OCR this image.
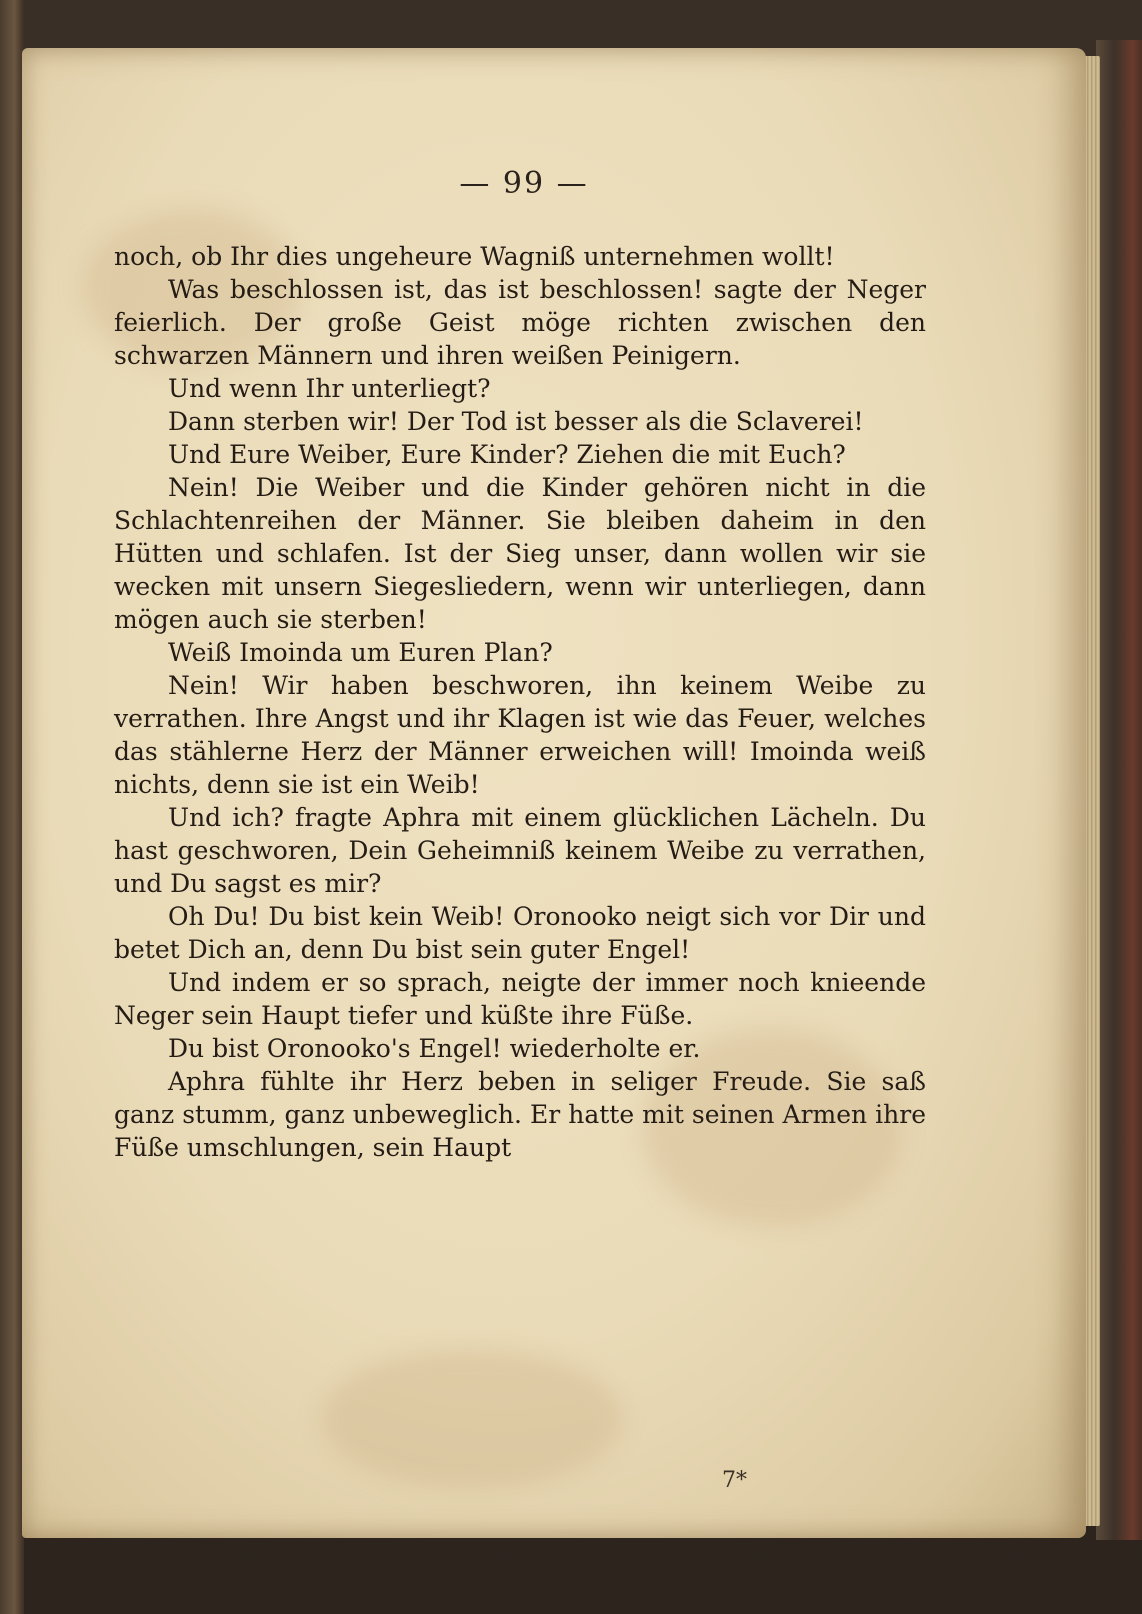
— 99 —

noch, ob Ihr dies ungeheure Wagniß unternehmen wollt!

Was beschlossen ist, das ist beschlossen! sagte der Neger feierlich. Der große Geist möge richten zwischen den schwarzen Männern und ihren weißen Peinigern.

Und wenn Ihr unterliegt?

Dann sterben wir! Der Tod ist besser als die Sclaverei!

Und Eure Weiber, Eure Kinder? Ziehen die mit Euch?

Nein! Die Weiber und die Kinder gehören nicht in die Schlachtenreihen der Männer. Sie bleiben daheim in den Hütten und schlafen. Ist der Sieg unser, dann wollen wir sie wecken mit unsern Siegesliedern, wenn wir unterliegen, dann mögen auch sie sterben!

Weiß Imoinda um Euren Plan?

Nein! Wir haben beschworen, ihn keinem Weibe zu verrathen. Ihre Angst und ihr Klagen ist wie das Feuer, welches das stählerne Herz der Männer erweichen will! Imoinda weiß nichts, denn sie ist ein Weib!

Und ich? fragte Aphra mit einem glücklichen Lächeln. Du hast geschworen, Dein Geheimniß keinem Weibe zu verrathen, und Du sagst es mir?

Oh Du! Du bist kein Weib! Oronooko neigt sich vor Dir und betet Dich an, denn Du bist sein guter Engel!

Und indem er so sprach, neigte der immer noch knieende Neger sein Haupt tiefer und küßte ihre Füße.

Du bist Oronooko's Engel! wiederholte er.

Aphra fühlte ihr Herz beben in seliger Freude. Sie saß ganz stumm, ganz unbeweglich. Er hatte mit seinen Armen ihre Füße umschlungen, sein Haupt

7*
